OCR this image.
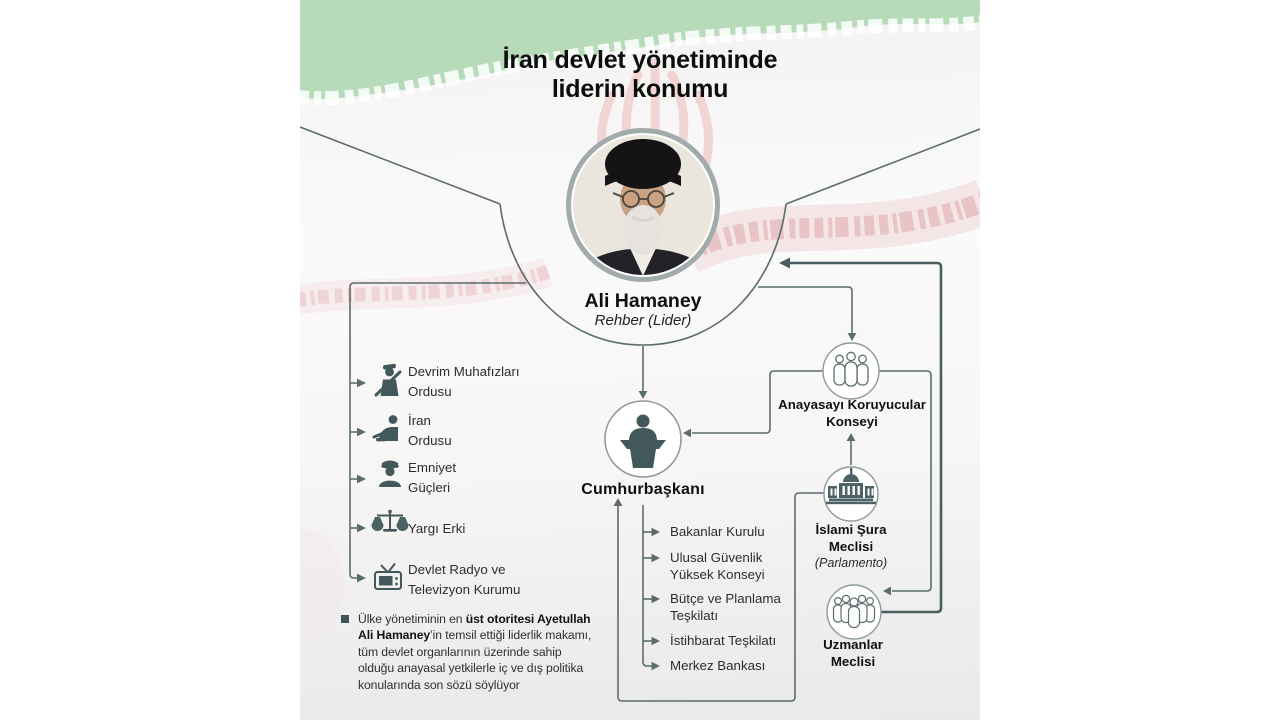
İran devlet yönetiminde
liderin konumu
Ali Hamaney
Rehber (Lider)
Cumhurbaşkanı
Devrim Muhafızları
Ordusu
İran
Ordusu
Emniyet
Güçleri
Yargı Erki
Devlet Radyo ve
Televizyon Kurumu
Bakanlar Kurulu
Ulusal Güvenlik
Yüksek Konseyi
Bütçe ve Planlama
Teşkilatı
İstihbarat Teşkilatı
Merkez Bankası
Anayasayı Koruyucular
Konseyi
İslami Şura
Meclisi
(Parlamento)
Uzmanlar
Meclisi
Ülke yönetiminin en üst otoritesi Ayetullah Ali Hamaney’in temsil ettiği liderlik makamı, tüm devlet organlarının üzerinde sahip olduğu anayasal yetkilerle iç ve dış politika konularında son sözü söylüyor
